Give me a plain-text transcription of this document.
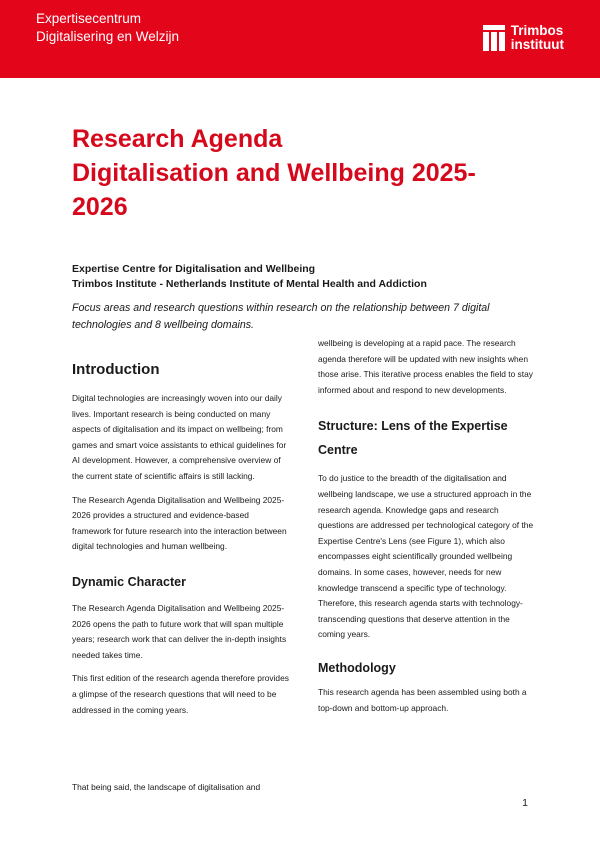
Expertisecentrum
Digitalisering en Welzijn	Trimbos
instituut
Research Agenda
Digitalisation and Wellbeing 2025-
2026
Expertise Centre for Digitalisation and Wellbeing
Trimbos Institute - Netherlands Institute of Mental Health and Addiction

Focus areas and research questions within research on the relationship between 7 digital technologies and 8 wellbeing domains.

Introduction

Digital technologies are increasingly woven into our daily lives. Important research is being conducted on many aspects of digitalisation and its impact on wellbeing; from games and smart voice assistants to ethical guidelines for AI development. However, a comprehensive overview of the current state of scientific affairs is still lacking.

The Research Agenda Digitalisation and Wellbeing 2025-2026 provides a structured and evidence-based framework for future research into the interaction between digital technologies and human wellbeing.

Dynamic Character

The Research Agenda Digitalisation and Wellbeing 2025-2026 opens the path to future work that will span multiple years; research work that can deliver the in-depth insights needed takes time.

This first edition of the research agenda therefore provides a glimpse of the research questions that will need to be addressed in the coming years.

That being said, the landscape of digitalisation and

wellbeing is developing at a rapid pace. The research agenda therefore will be updated with new insights when those arise. This iterative process enables the field to stay informed about and respond to new developments.

Structure: Lens of the Expertise Centre

To do justice to the breadth of the digitalisation and wellbeing landscape, we use a structured approach in the research agenda. Knowledge gaps and research questions are addressed per technological category of the Expertise Centre's Lens (see Figure 1), which also encompasses eight scientifically grounded wellbeing domains. In some cases, however, needs for new knowledge transcend a specific type of technology. Therefore, this research agenda starts with technology-transcending questions that deserve attention in the coming years.

Methodology

This research agenda has been assembled using both a top-down and bottom-up approach.

1
